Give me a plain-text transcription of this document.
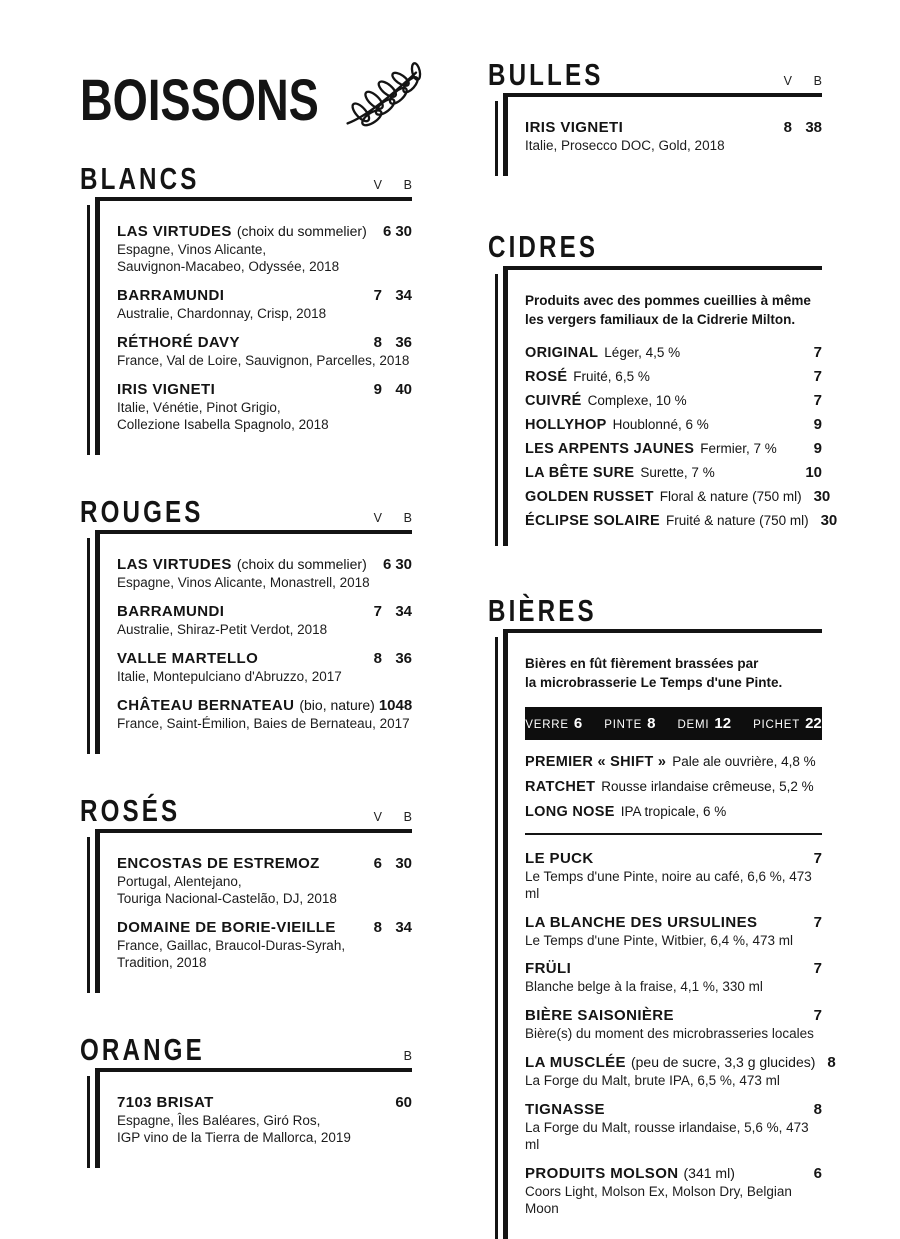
BOISSONS
BLANCS	V	B
LAS VIRTUDES (choix du sommelier)	6 30
Espagne, Vinos Alicante,
Sauvignon-Macabeo, Odyssée, 2018
BARRAMUNDI	7 34
Australie, Chardonnay, Crisp, 2018
RÉTHORÉ DAVY	8 36
France, Val de Loire, Sauvignon, Parcelles, 2018
IRIS VIGNETI	9 40
Italie, Vénétie, Pinot Grigio,
Collezione Isabella Spagnolo, 2018
ROUGES	V	B
LAS VIRTUDES (choix du sommelier)	6 30
Espagne, Vinos Alicante, Monastrell, 2018
BARRAMUNDI	7 34
Australie, Shiraz-Petit Verdot, 2018
VALLE MARTELLO	8 36
Italie, Montepulciano d'Abruzzo, 2017
CHÂTEAU BERNATEAU (bio, nature) 10 48
France, Saint-Émilion, Baies de Bernateau, 2017
ROSÉS	V	B
ENCOSTAS DE ESTREMOZ	6 30
Portugal, Alentejano,
Touriga Nacional-Castelão, DJ, 2018
DOMAINE DE BORIE-VIEILLE	8 34
France, Gaillac, Braucol-Duras-Syrah,
Tradition, 2018
ORANGE	B
7103 BRISAT	60
Espagne, Îles Baléares, Giró Ros,
IGP vino de la Tierra de Mallorca, 2019
BULLES	V	B
IRIS VIGNETI	8 38
Italie, Prosecco DOC, Gold, 2018
CIDRES
Produits avec des pommes cueillies à même
les vergers familiaux de la Cidrerie Milton.
ORIGINAL Léger, 4,5 %	7
ROSÉ Fruité, 6,5 %	7
CUIVRÉ Complexe, 10 %	7
HOLLYHOP Houblonné, 6 %	9
LES ARPENTS JAUNES Fermier, 7 % 9
LA BÊTE SURE Surette, 7 %	10
GOLDEN RUSSET Floral & nature (750 ml) 30
ÉCLIPSE SOLAIRE Fruité & nature (750 ml) 30
BIÈRES
Bières en fût fièrement brassées par
la microbrasserie Le Temps d'une Pinte.
VERRE 6 PINTE 8 DEMI 12 PICHET 22
PREMIER « SHIFT » Pale ale ouvrière, 4,8 %
RATCHET Rousse irlandaise crêmeuse, 5,2 %
LONG NOSE IPA tropicale, 6 %
LE PUCK	7
Le Temps d'une Pinte, noire au café, 6,6 %, 473 ml
LA BLANCHE DES URSULINES	7
Le Temps d'une Pinte, Witbier, 6,4 %, 473 ml
FRÜLI	7
Blanche belge à la fraise, 4,1 %, 330 ml
BIÈRE SAISONIÈRE	7
Bière(s) du moment des microbrasseries locales
LA MUSCLÉE (peu de sucre, 3,3 g glucides) 8
La Forge du Malt, brute IPA, 6,5 %, 473 ml
TIGNASSE	8
La Forge du Malt, rousse irlandaise, 5,6 %, 473 ml
PRODUITS MOLSON (341 ml)	6
Coors Light, Molson Ex, Molson Dry, Belgian Moon
